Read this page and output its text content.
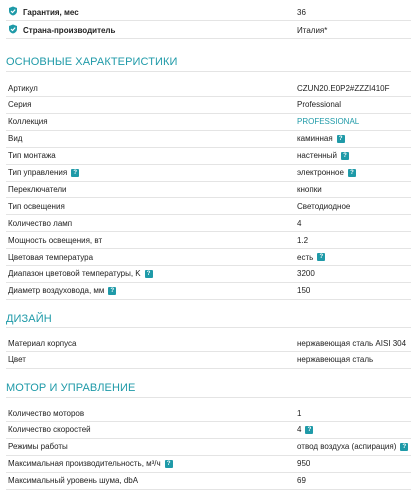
Гарантия, мес	36
Страна-производитель	Италия*
ОСНОВНЫЕ ХАРАКТЕРИСТИКИ
Артикул	CZUN20.E0P2#ZZZI410F
Серия	Professional
Коллекция	PROFESSIONAL
Вид	каминная	?
Тип монтажа	настенный	?
Тип управления	?	электронное	?
Переключатели	кнопки
Тип освещения	Светодиодное
Количество ламп	4
Мощность освещения, вт	1.2
Цветовая температура	есть	?
Диапазон цветовой температуры, K	?	3200
Диаметр воздуховода, мм	?	150
ДИЗАЙН
Материал корпуса	нержавеющая сталь AISI 304
Цвет	нержавеющая сталь
МОТОР И УПРАВЛЕНИЕ
Количество моторов	1
Количество скоростей	4	?
Режимы работы	отвод воздуха (аспирация)	?
Максимальная производительность, м³/ч	?	950
Максимальный уровень шума, dbA	69
